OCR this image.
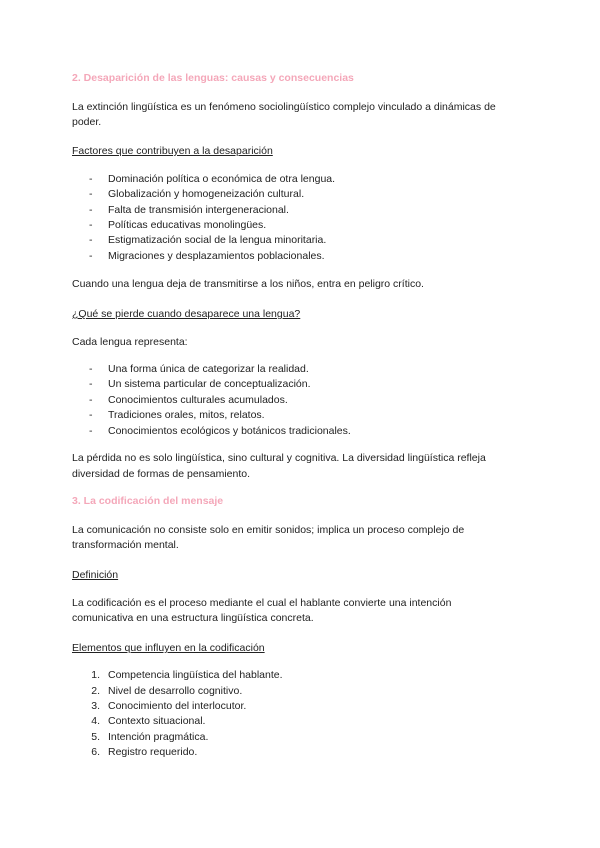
2. Desaparición de las lenguas: causas y consecuencias

La extinción lingüística es un fenómeno sociolingüístico complejo vinculado a dinámicas de

poder.

Factores que contribuyen a la desaparición

- Dominación política o económica de otra lengua.
- Globalización y homogeneización cultural.
- Falta de transmisión intergeneracional.
- Políticas educativas monolingües.
- Estigmatización social de la lengua minoritaria.
- Migraciones y desplazamientos poblacionales.

Cuando una lengua deja de transmitirse a los niños, entra en peligro crítico.

¿Qué se pierde cuando desaparece una lengua?

Cada lengua representa:

- Una forma única de categorizar la realidad.
- Un sistema particular de conceptualización.
- Conocimientos culturales acumulados.
- Tradiciones orales, mitos, relatos.
- Conocimientos ecológicos y botánicos tradicionales.

La pérdida no es solo lingüística, sino cultural y cognitiva. La diversidad lingüística refleja

diversidad de formas de pensamiento.

3. La codificación del mensaje

La comunicación no consiste solo en emitir sonidos; implica un proceso complejo de

transformación mental.

Definición

La codificación es el proceso mediante el cual el hablante convierte una intención

comunicativa en una estructura lingüística concreta.

Elementos que influyen en la codificación

1. Competencia lingüística del hablante.
2. Nivel de desarrollo cognitivo.
3. Conocimiento del interlocutor.
4. Contexto situacional.
5. Intención pragmática.
6. Registro requerido.
